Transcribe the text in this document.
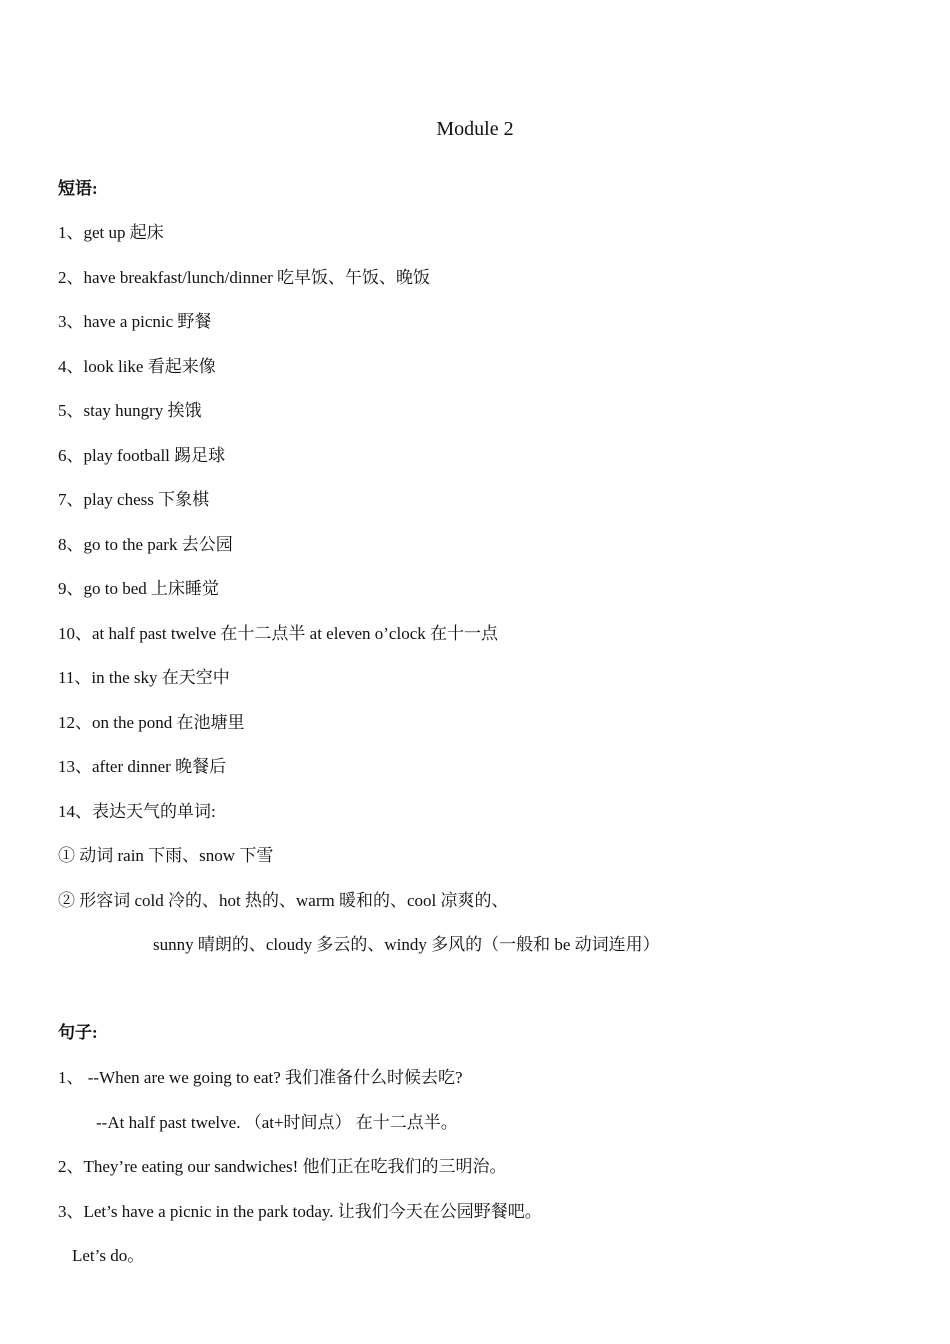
Module 2
短语:
1、get up 起床
2、have breakfast/lunch/dinner 吃早饭、午饭、晚饭
3、have a picnic 野餐
4、look like 看起来像
5、stay hungry 挨饿
6、play football 踢足球
7、play chess 下象棋
8、go to the park 去公园
9、go to bed 上床睡觉
10、at half past twelve 在十二点半 at eleven o’clock 在十一点
11、in the sky 在天空中
12、on the pond 在池塘里
13、after dinner 晚餐后
14、表达天气的单词:
① 动词 rain 下雨、snow 下雪
② 形容词 cold 冷的、hot 热的、warm 暖和的、cool 凉爽的、
sunny 晴朗的、cloudy 多云的、windy 多风的（一般和 be 动词连用）
句子:
1、 --When are we going to eat? 我们准备什么时候去吃?
--At half past twelve. （at+时间点） 在十二点半。
2、They’re eating our sandwiches! 他们正在吃我们的三明治。
3、Let’s have a picnic in the park today. 让我们今天在公园野餐吧。
Let’s do。
